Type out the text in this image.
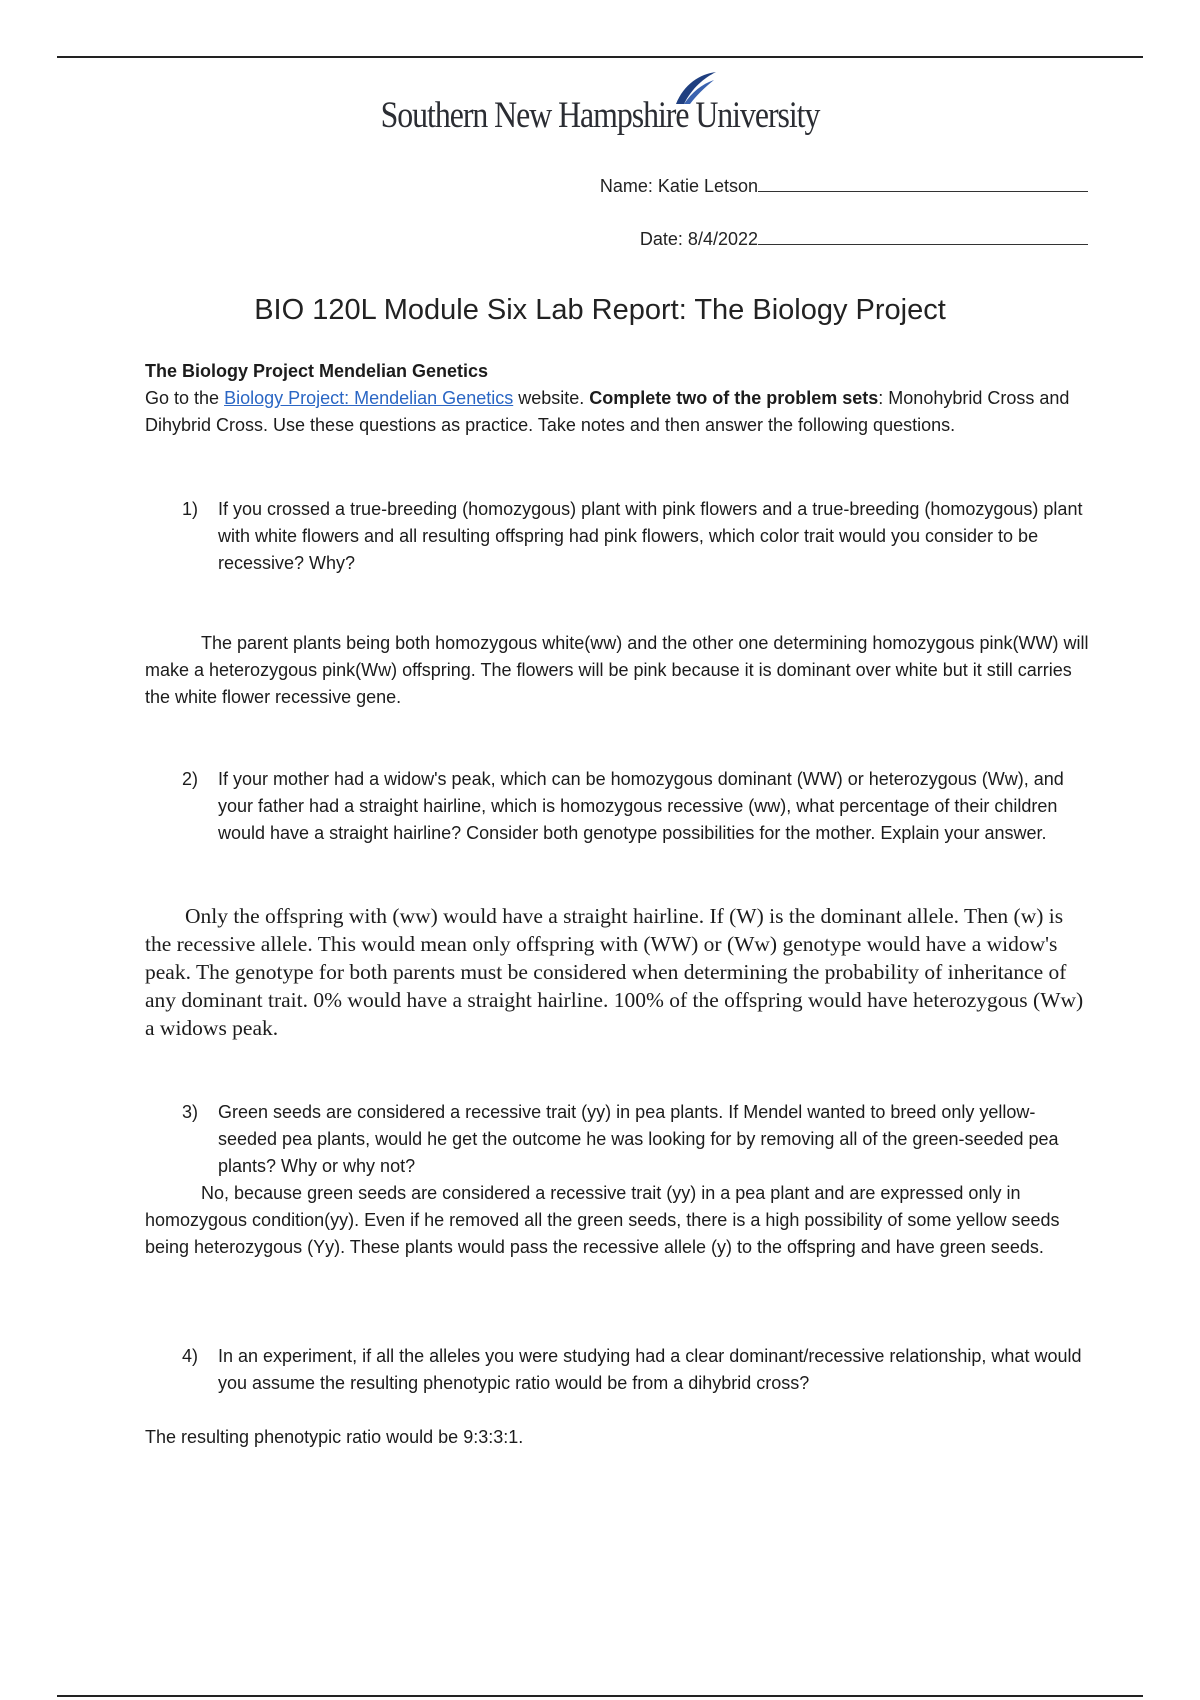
Southern New Hampshire University
Name: Katie Letson
Date: 8/4/2022
BIO 120L Module Six Lab Report: The Biology Project
The Biology Project Mendelian Genetics
Go to the Biology Project: Mendelian Genetics website. Complete two of the problem sets: Monohybrid Cross and Dihybrid Cross. Use these questions as practice. Take notes and then answer the following questions.
1) If you crossed a true-breeding (homozygous) plant with pink flowers and a true-breeding (homozygous) plant with white flowers and all resulting offspring had pink flowers, which color trait would you consider to be recessive? Why?
The parent plants being both homozygous white(ww) and the other one determining homozygous pink(WW) will make a heterozygous pink(Ww) offspring. The flowers will be pink because it is dominant over white but it still carries the white flower recessive gene.
2) If your mother had a widow's peak, which can be homozygous dominant (WW) or heterozygous (Ww), and your father had a straight hairline, which is homozygous recessive (ww), what percentage of their children would have a straight hairline? Consider both genotype possibilities for the mother. Explain your answer.
Only the offspring with (ww) would have a straight hairline. If (W) is the dominant allele. Then (w) is the recessive allele. This would mean only offspring with (WW) or (Ww) genotype would have a widow's peak. The genotype for both parents must be considered when determining the probability of inheritance of any dominant trait. 0% would have a straight hairline. 100% of the offspring would have heterozygous (Ww) a widows peak.
3) Green seeds are considered a recessive trait (yy) in pea plants. If Mendel wanted to breed only yellow-seeded pea plants, would he get the outcome he was looking for by removing all of the green-seeded pea plants? Why or why not?
No, because green seeds are considered a recessive trait (yy) in a pea plant and are expressed only in homozygous condition(yy). Even if he removed all the green seeds, there is a high possibility of some yellow seeds being heterozygous (Yy). These plants would pass the recessive allele (y) to the offspring and have green seeds.
4) In an experiment, if all the alleles you were studying had a clear dominant/recessive relationship, what would you assume the resulting phenotypic ratio would be from a dihybrid cross?
The resulting phenotypic ratio would be 9:3:3:1.
